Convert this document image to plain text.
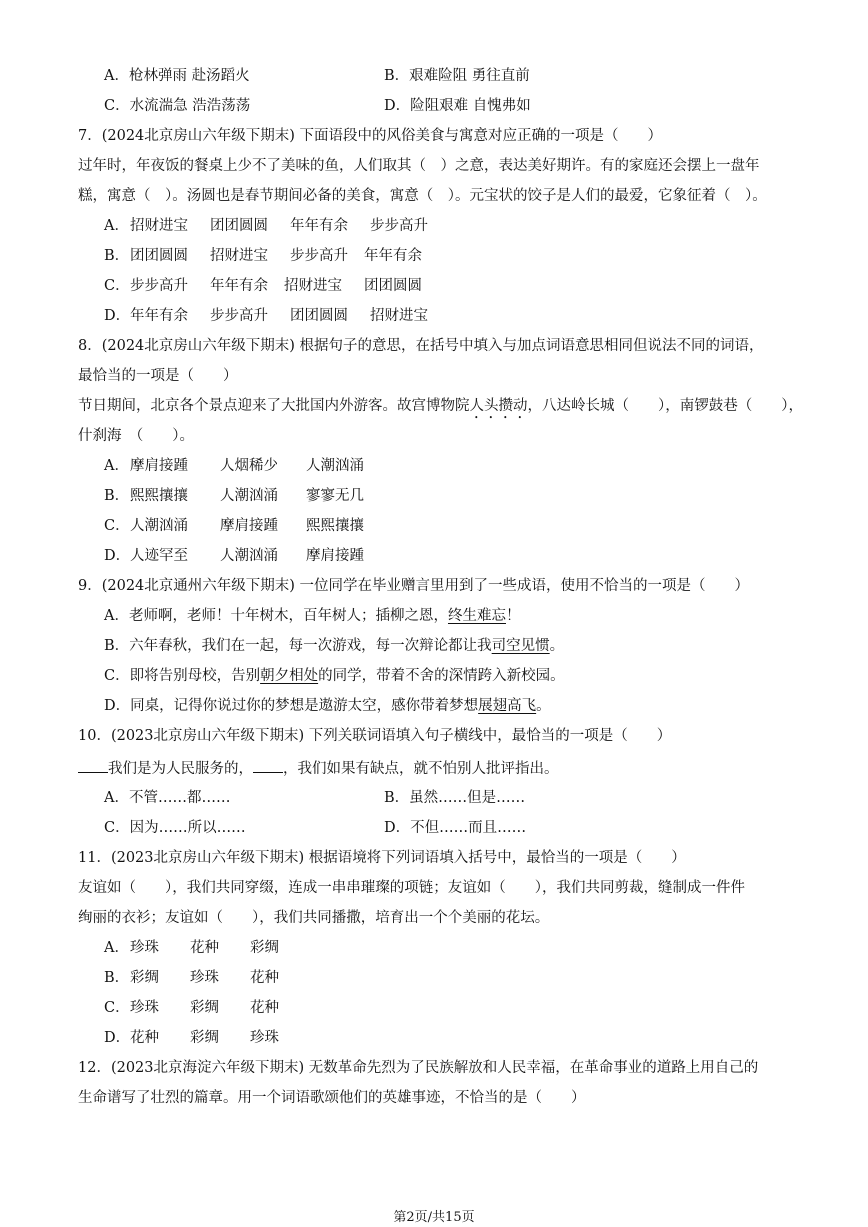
A．枪林弹雨 赴汤蹈火	B．艰难险阻 勇往直前
C．水流湍急 浩浩荡荡	D．险阻艰难 自愧弗如
7．(2024北京房山六年级下期末) 下面语段中的风俗美食与寓意对应正确的一项是（　　）
过年时，年夜饭的餐桌上少不了美味的鱼，人们取其（　）之意，表达美好期许。有的家庭还会摆上一盘年
糕，寓意（　）。汤圆也是春节期间必备的美食，寓意（　）。元宝状的饺子是人们的最爱，它象征着（　）。
A．招财进宝 团团圆圆 年年有余 步步高升
B．团团圆圆 招财进宝 步步高升 年年有余
C．步步高升 年年有余 招财进宝 团团圆圆
D．年年有余 步步高升 团团圆圆 招财进宝
8．(2024北京房山六年级下期末) 根据句子的意思，在括号中填入与加点词语意思相同但说法不同的词语，
最恰当的一项是（　　）
节日期间，北京各个景点迎来了大批国内外游客。故宫博物院人头攒动，八达岭长城（　　），南锣鼓巷（　　），
什刹海　（　　）。
A．摩肩接踵 人烟稀少 人潮汹涌
B．熙熙攘攘 人潮汹涌 寥寥无几
C．人潮汹涌 摩肩接踵 熙熙攘攘
D．人迹罕至 人潮汹涌 摩肩接踵
9．(2024北京通州六年级下期末) 一位同学在毕业赠言里用到了一些成语，使用不恰当的一项是（　　）
A．老师啊，老师！十年树木，百年树人；插柳之恩，终生难忘！
B．六年春秋，我们在一起，每一次游戏，每一次辩论都让我司空见惯。
C．即将告别母校，告别朝夕相处的同学，带着不舍的深情跨入新校园。
D．同桌，记得你说过你的梦想是遨游太空，感你带着梦想展翅高飞。
10．(2023北京房山六年级下期末) 下列关联词语填入句子横线中，最恰当的一项是（　　）
我们是为人民服务的， ，我们如果有缺点，就不怕别人批评指出。
A．不管……都……	B．虽然……但是……
C．因为……所以……	D．不但……而且……
11．(2023北京房山六年级下期末) 根据语境将下列词语填入括号中，最恰当的一项是（　　）
友谊如（　　），我们共同穿缀，连成一串串璀璨的项链；友谊如（　　），我们共同剪裁，缝制成一件件
绚丽的衣衫；友谊如（　　），我们共同播撒，培育出一个个美丽的花坛。
A．珍珠 花种 彩绸
B．彩绸 珍珠 花种
C．珍珠 彩绸 花种
D．花种 彩绸 珍珠
12．(2023北京海淀六年级下期末) 无数革命先烈为了民族解放和人民幸福，在革命事业的道路上用自己的
生命谱写了壮烈的篇章。用一个词语歌颂他们的英雄事迹，不恰当的是（　　）
第2页/共15页
